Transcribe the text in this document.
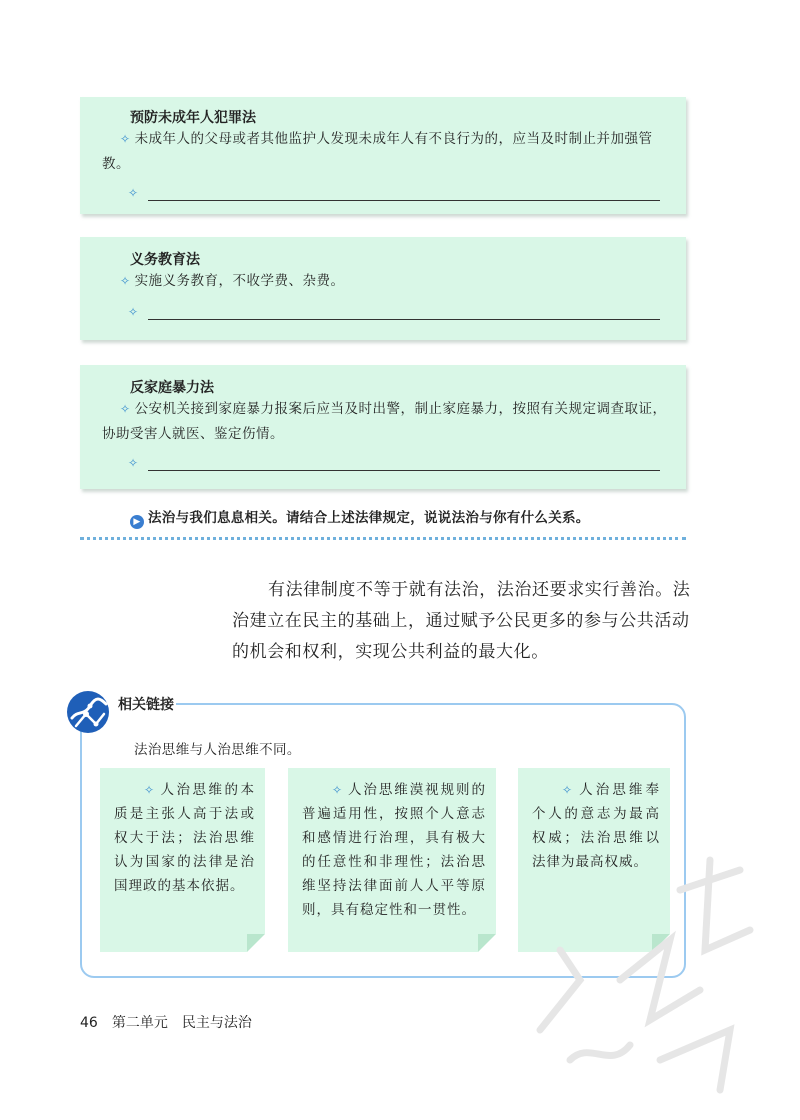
预防未成年人犯罪法
✧ 未成年人的父母或者其他监护人发现未成年人有不良行为的，应当及时制止并加强管教。
✧
义务教育法
✧ 实施义务教育，不收学费、杂费。
✧
反家庭暴力法
✧ 公安机关接到家庭暴力报案后应当及时出警，制止家庭暴力，按照有关规定调查取证，协助受害人就医、鉴定伤情。
✧
▶ 法治与我们息息相关。请结合上述法律规定，说说法治与你有什么关系。
有法律制度不等于就有法治，法治还要求实行善治。法治建立在民主的基础上，通过赋予公民更多的参与公共活动的机会和权利，实现公共利益的最大化。
相关链接
法治思维与人治思维不同。
✧ 人治思维的本质是主张人高于法或权大于法；法治思维认为国家的法律是治国理政的基本依据。
✧ 人治思维漠视规则的普遍适用性，按照个人意志和感情进行治理，具有极大的任意性和非理性；法治思维坚持法律面前人人平等原则，具有稳定性和一贯性。
✧ 人治思维奉个人的意志为最高权威；法治思维以法律为最高权威。
46 第二单元　民主与法治
